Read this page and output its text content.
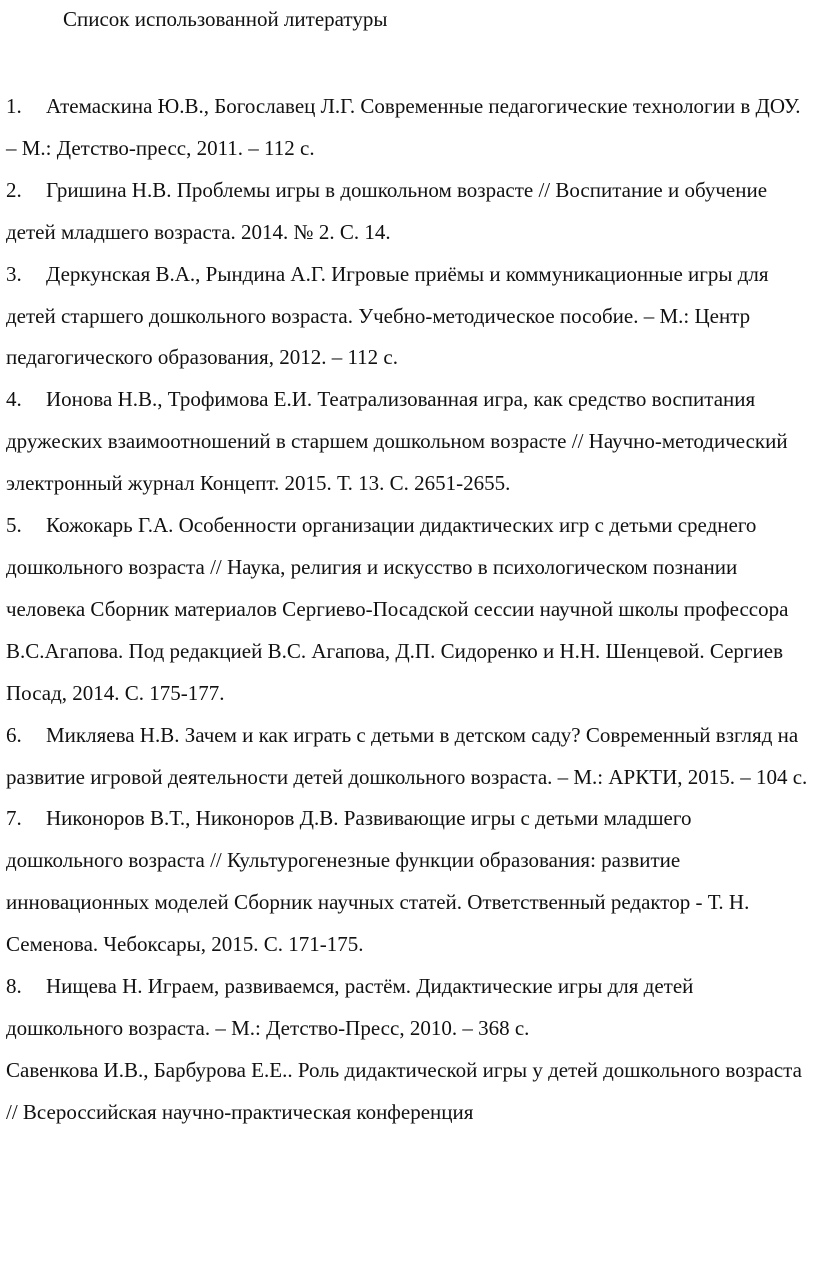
Список использованной литературы

1. Атемаскина Ю.В., Богославец Л.Г. Современные педагогические технологии в ДОУ. – М.: Детство-пресс, 2011. – 112 с.

2. Гришина Н.В. Проблемы игры в дошкольном возрасте // Воспитание и обучение детей младшего возраста. 2014. № 2. С. 14.

3. Деркунская В.А., Рындина А.Г. Игровые приёмы и коммуникационные игры для детей старшего дошкольного возраста. Учебно-методическое пособие. – М.: Центр педагогического образования, 2012. – 112 с.

4. Ионова Н.В., Трофимова Е.И. Театрализованная игра, как средство воспитания дружеских взаимоотношений в старшем дошкольном возрасте // Научно-методический электронный журнал Концепт. 2015. Т. 13. С. 2651-2655.

5. Кожокарь Г.А. Особенности организации дидактических игр с детьми среднего дошкольного возраста // Наука, религия и искусство в психологическом познании человека Сборник материалов Сергиево-Посадской сессии научной школы профессора В.С.Агапова. Под редакцией В.С. Агапова, Д.П. Сидоренко и Н.Н. Шенцевой. Сергиев Посад, 2014. С. 175-177.

6. Микляева Н.В. Зачем и как играть с детьми в детском саду? Современный взгляд на развитие игровой деятельности детей дошкольного возраста. – М.: АРКТИ, 2015. – 104 с.

7. Никоноров В.Т., Никоноров Д.В. Развивающие игры с детьми младшего дошкольного возраста // Культурогенезные функции образования: развитие инновационных моделей Сборник научных статей. Ответственный редактор - Т. Н. Семенова. Чебоксары, 2015. С. 171-175.

8. Нищева Н. Играем, развиваемся, растём. Дидактические игры для детей дошкольного возраста. – М.: Детство-Пресс, 2010. – 368 с.

Савенкова И.В., Барбурова Е.Е.. Роль дидактической игры у детей дошкольного возраста // Всероссийская научно-практическая конференция
